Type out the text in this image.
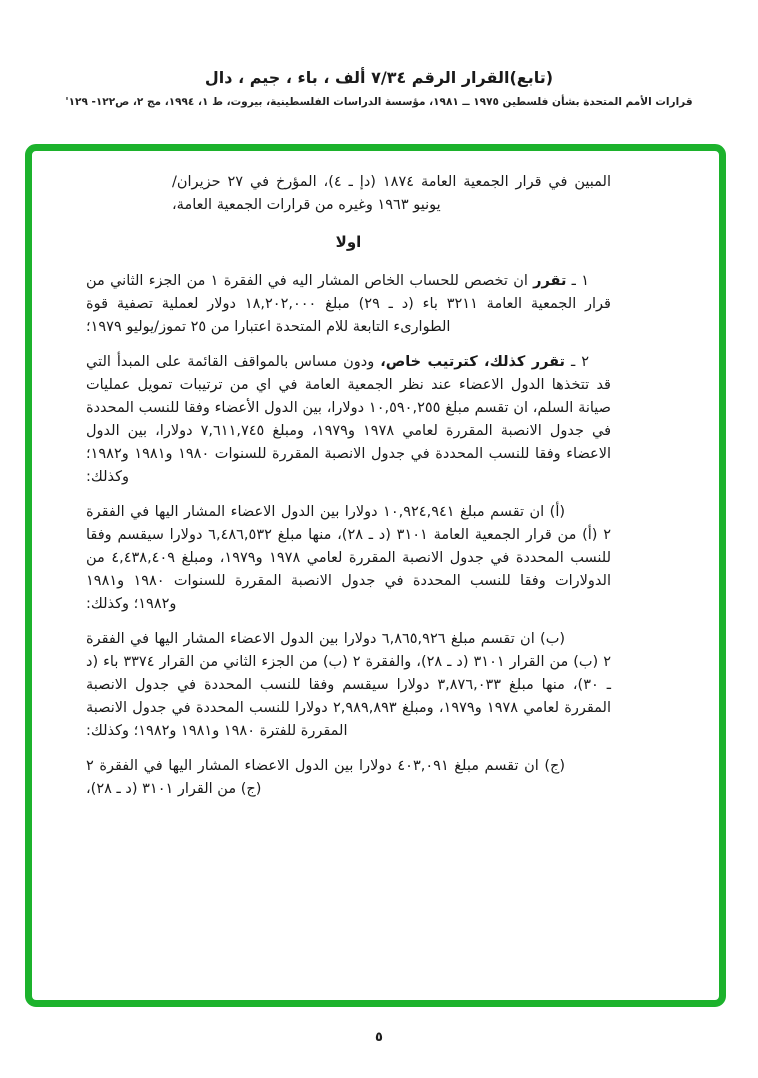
(تابع)القرار الرقم ٧/٣٤ ألف ، باء ، جيم ، دال
قرارات الأمم المتحدة بشأن فلسطين ١٩٧٥ ــ ١٩٨١، مؤسسة الدراسات الفلسطينية، بيروت، ط ١، ١٩٩٤، مج ٢، ص١٢٢- ١٢٩'
المبين في قرار الجمعية العامة ١٨٧٤ (دإ ـ ٤)، المؤرخ في ٢٧ حزيران/ يونيو ١٩٦٣ وغيره من قرارات الجمعية العامة،
اولا
١ ـ تقرر ان تخصص للحساب الخاص المشار اليه في الفقرة ١ من الجزء الثاني من قرار الجمعية العامة ٣٢١١ باء (د ـ ٢٩) مبلغ ١٨,٢٠٢,٠٠٠ دولار لعملية تصفية قوة الطوارىء التابعة للام المتحدة اعتبارا من ٢٥ تموز/يوليو ١٩٧٩؛
٢ ـ تقرر كذلك، كترتيب خاص، ودون مساس بالمواقف القائمة على المبدأ التي قد تتخذها الدول الاعضاء عند نظر الجمعية العامة في اي من ترتيبات تمويل عمليات صيانة السلم، ان تقسم مبلغ ١٠,٥٩٠,٢٥٥ دولارا، بين الدول الأعضاء وفقا للنسب المحددة في جدول الانصبة المقررة لعامي ١٩٧٨ و١٩٧٩، ومبلغ ٧,٦١١,٧٤٥ دولارا، بين الدول الاعضاء وفقا للنسب المحددة في جدول الانصبة المقررة للسنوات ١٩٨٠ و١٩٨١ و١٩٨٢؛ وكذلك:
(أ) ان تقسم مبلغ ١٠,٩٢٤,٩٤١ دولارا بين الدول الاعضاء المشار اليها في الفقرة ٢ (أ) من قرار الجمعية العامة ٣١٠١ (د ـ ٢٨)، منها مبلغ ٦,٤٨٦,٥٣٢ دولارا سيقسم وفقا للنسب المحددة في جدول الانصبة المقررة لعامي ١٩٧٨ و١٩٧٩، ومبلغ ٤,٤٣٨,٤٠٩ من الدولارات وفقا للنسب المحددة في جدول الانصبة المقررة للسنوات ١٩٨٠ و١٩٨١ و١٩٨٢؛ وكذلك:
(ب) ان تقسم مبلغ ٦,٨٦٥,٩٢٦ دولارا بين الدول الاعضاء المشار اليها في الفقرة ٢ (ب) من القرار ٣١٠١ (د ـ ٢٨)، والفقرة ٢ (ب) من الجزء الثاني من القرار ٣٣٧٤ باء (د ـ ٣٠)، منها مبلغ ٣,٨٧٦,٠٣٣ دولارا سيقسم وفقا للنسب المحددة في جدول الانصبة المقررة لعامي ١٩٧٨ و١٩٧٩، ومبلغ ٢,٩٨٩,٨٩٣ دولارا للنسب المحددة في جدول الانصبة المقررة للفترة ١٩٨٠ و١٩٨١ و١٩٨٢؛ وكذلك:
(ج) ان تقسم مبلغ ٤٠٣,٠٩١ دولارا بين الدول الاعضاء المشار اليها في الفقرة ٢ (ج) من القرار ٣١٠١ (د ـ ٢٨)،
٥
